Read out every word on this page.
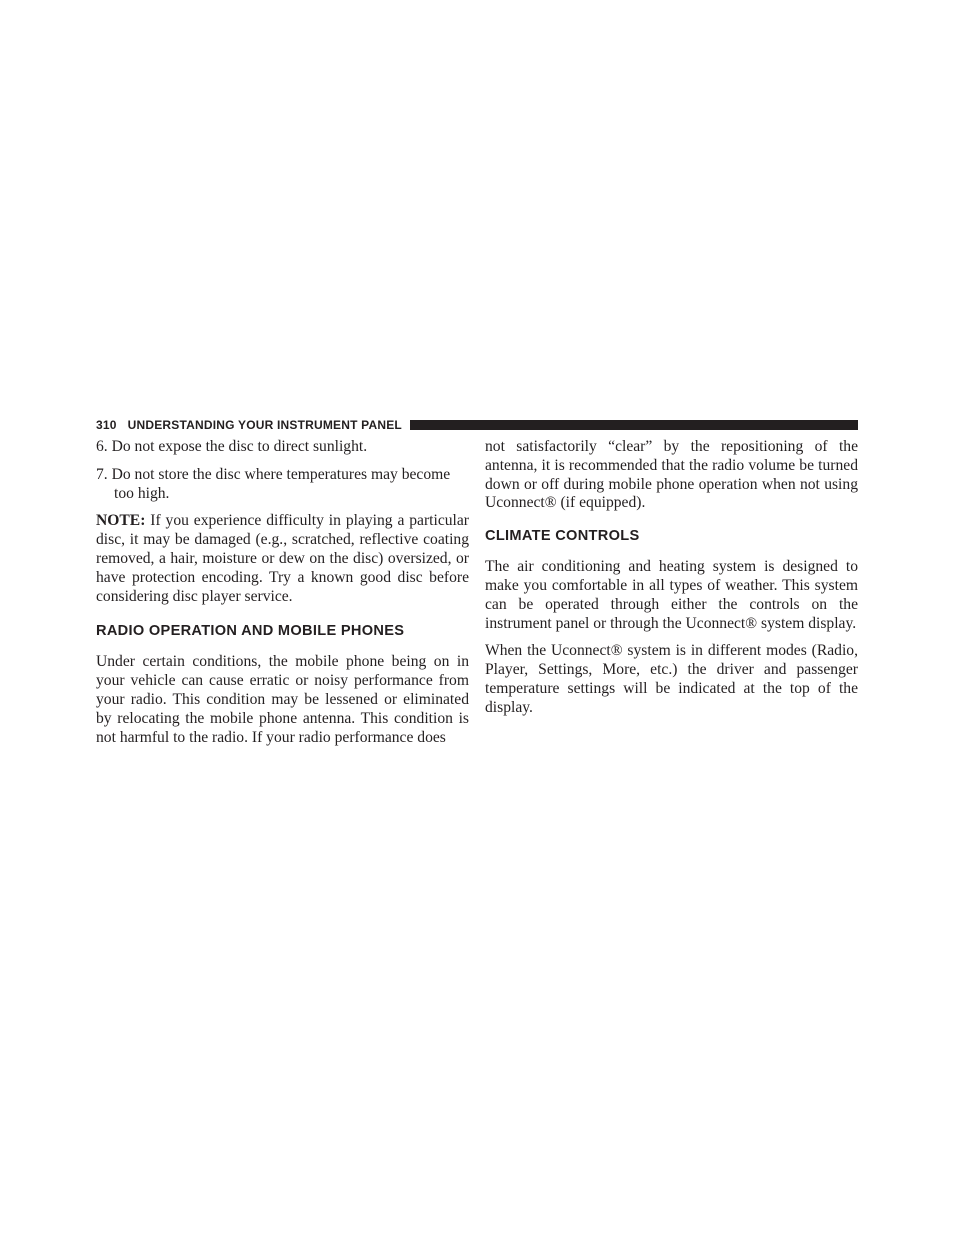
310 UNDERSTANDING YOUR INSTRUMENT PANEL

6. Do not expose the disc to direct sunlight.

7. Do not store the disc where temperatures may become too high.

NOTE: If you experience difficulty in playing a particular disc, it may be damaged (e.g., scratched, reflective coating removed, a hair, moisture or dew on the disc) oversized, or have protection encoding. Try a known good disc before considering disc player service.

RADIO OPERATION AND MOBILE PHONES

Under certain conditions, the mobile phone being on in your vehicle can cause erratic or noisy performance from your radio. This condition may be lessened or eliminated by relocating the mobile phone antenna. This condition is not harmful to the radio. If your radio performance does

not satisfactorily “clear” by the repositioning of the antenna, it is recommended that the radio volume be turned down or off during mobile phone operation when not using Uconnect® (if equipped).

CLIMATE CONTROLS

The air conditioning and heating system is designed to make you comfortable in all types of weather. This system can be operated through either the controls on the instrument panel or through the Uconnect® system display.

When the Uconnect® system is in different modes (Radio, Player, Settings, More, etc.) the driver and passenger temperature settings will be indicated at the top of the display.
